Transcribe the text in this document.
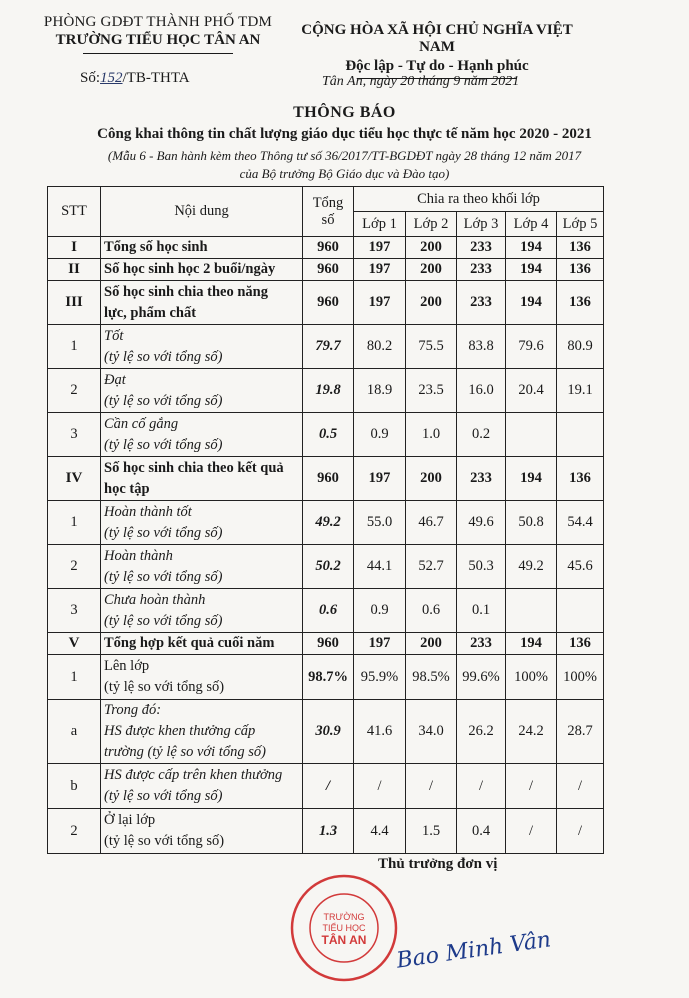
PHÒNG GDĐT THÀNH PHỐ TDM
TRƯỜNG TIỂU HỌC TÂN AN
CỘNG HÒA XÃ HỘI CHỦ NGHĨA VIỆT NAM
Độc lập - Tự do - Hạnh phúc
Số:152/TB-THTA	Tân An, ngày 20 tháng 9 năm 2021
THÔNG BÁO
Công khai thông tin chất lượng giáo dục tiểu học thực tế năm học 2020 - 2021
(Mẫu 6 - Ban hành kèm theo Thông tư số 36/2017/TT-BGDĐT ngày 28 tháng 12 năm 2017
của Bộ trưởng Bộ Giáo dục và Đào tạo)
STT	Nội dung	Tổng số	Chia ra theo khối lớp				
			Lớp 1	Lớp 2	Lớp 3	Lớp 4	Lớp 5
I	Tổng số học sinh	960	197	200	233	194	136
II	Số học sinh học 2 buổi/ngày	960	197	200	233	194	136
III	Số học sinh chia theo năng
lực, phẩm chất	960	197	200	233	194	136
1	Tốt
(tỷ lệ so với tổng số)	79.7	80.2	75.5	83.8	79.6	80.9
2	Đạt
(tỷ lệ so với tổng số)	19.8	18.9	23.5	16.0	20.4	19.1
3	Cần cố gắng
(tỷ lệ so với tổng số)	0.5	0.9	1.0	0.2		
IV	Số học sinh chia theo kết quả
học tập	960	197	200	233	194	136
1	Hoàn thành tốt
(tỷ lệ so với tổng số)	49.2	55.0	46.7	49.6	50.8	54.4
2	Hoàn thành
(tỷ lệ so với tổng số)	50.2	44.1	52.7	50.3	49.2	45.6
3	Chưa hoàn thành
(tỷ lệ so với tổng số)	0.6	0.9	0.6	0.1		
V	Tổng hợp kết quả cuối năm	960	197	200	233	194	136
1	Lên lớp
(tỷ lệ so với tổng số)	98.7%	95.9%	98.5%	99.6%	100%	100%
a	Trong đó:
HS được khen thưởng cấp
trường (tỷ lệ so với tổng số)	30.9	41.6	34.0	26.2	24.2	28.7
b	HS được cấp trên khen thưởng
(tỷ lệ so với tổng số)	/	/	/	/	/	/
2	Ở lại lớp
(tỷ lệ so với tổng số)	1.3	4.4	1.5	0.4	/	/
Thủ trưởng đơn vị
TRƯỜNG
TIỂU HỌC
TÂN AN Bao Minh Vân
